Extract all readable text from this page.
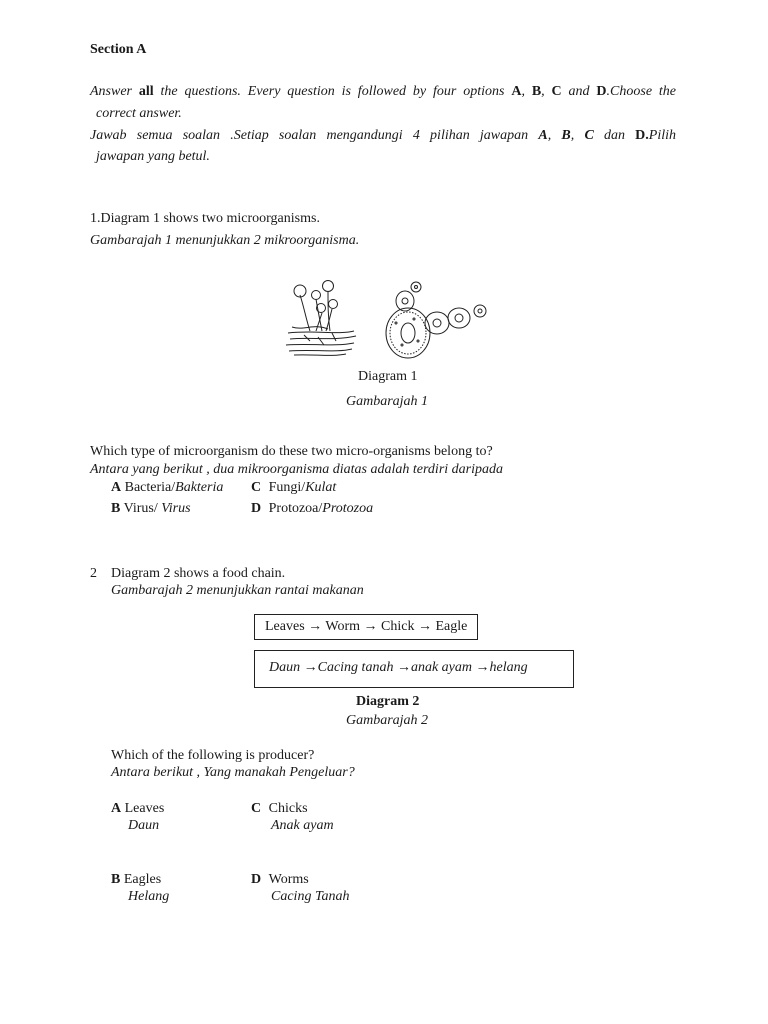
Section A
Answer all the questions. Every question is followed by four options A, B, C and D.Choose the
correct answer.
Jawab semua soalan .Setiap soalan mengandungi 4 pilihan jawapan A, B, C dan D.Pilih
jawapan yang betul.
1.Diagram 1 shows two microorganisms.
Gambarajah 1 menunjukkan 2 mikroorganisma.
Diagram 1
Gambarajah 1
Which type of microorganism do these two micro-organisms belong to?
Antara yang berikut , dua mikroorganisma diatas adalah terdiri daripada
A Bacteria/Bakteria C Fungi/Kulat
B Virus/ Virus	D Protozoa/Protozoa
2 Diagram 2 shows a food chain.
Gambarajah 2 menunjukkan rantai makanan
Leaves → Worm → Chick → Eagle
Daun →Cacing tanah →anak ayam →helang
Diagram 2
Gambarajah 2
Which of the following is producer?
Antara berikut , Yang manakah Pengeluar?
A Leaves
Daun
C Chicks
Anak ayam
B Eagles
Helang
D Worms
Cacing Tanah
